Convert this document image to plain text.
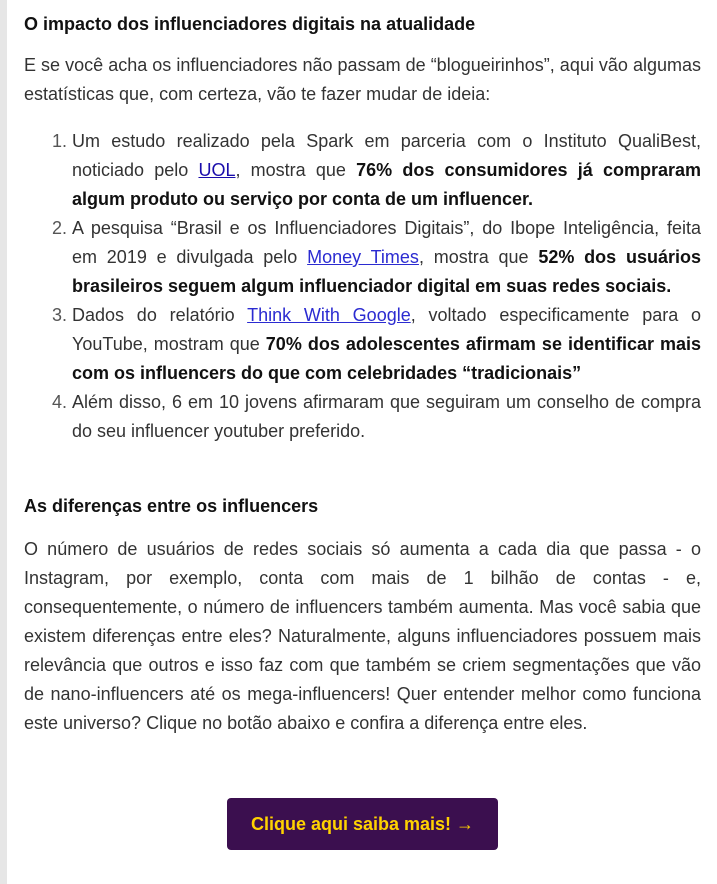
O impacto dos influenciadores digitais na atualidade

E se você acha os influenciadores não passam de “blogueirinhos”, aqui vão algumas estatísticas que, com certeza, vão te fazer mudar de ideia:

1. Um estudo realizado pela Spark em parceria com o Instituto QualiBest, noticiado pelo UOL, mostra que 76% dos consumidores já compraram algum produto ou serviço por conta de um influencer.
2. A pesquisa “Brasil e os Influenciadores Digitais”, do Ibope Inteligência, feita em 2019 e divulgada pelo Money Times, mostra que 52% dos usuários brasileiros seguem algum influenciador digital em suas redes sociais.
3. Dados do relatório Think With Google, voltado especificamente para o YouTube, mostram que 70% dos adolescentes afirmam se identificar mais com os influencers do que com celebridades “tradicionais”
4. Além disso, 6 em 10 jovens afirmaram que seguiram um conselho de compra do seu influencer youtuber preferido.
As diferenças entre os influencers

O número de usuários de redes sociais só aumenta a cada dia que passa - o Instagram, por exemplo, conta com mais de 1 bilhão de contas - e, consequentemente, o número de influencers também aumenta. Mas você sabia que existem diferenças entre eles? Naturalmente, alguns influenciadores possuem mais relevância que outros e isso faz com que também se criem segmentações que vão de nano-influencers até os mega-influencers! Quer entender melhor como funciona este universo? Clique no botão abaixo e confira a diferença entre eles.

Clique aqui saiba mais! →
